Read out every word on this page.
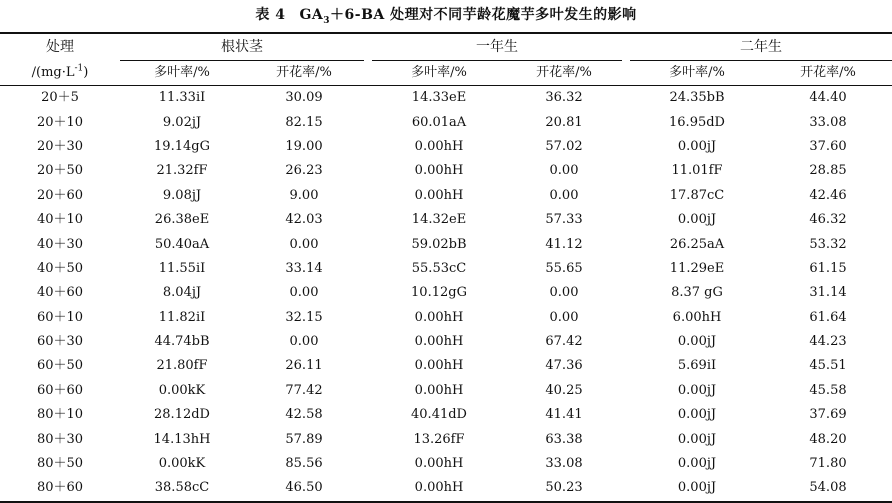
表 4 $GA_3+6-BA$ 处理对不同芋龄花魔芋多叶发生的影响
处理	根状茎			一年生			二年生	
$/(mg\cdot L^{-1})$	多叶率/%	开花率/%		多叶率/%	开花率/%		多叶率/%	开花率/%
20＋5	11.33iI	30.09		14.33eE	36.32		24.35bB	44.40
20＋10	9.02jJ	82.15		60.01aA	20.81		16.95dD	33.08
20＋30	19.14gG	19.00		0.00hH	57.02		0.00jJ	37.60
20＋50	21.32fF	26.23		0.00hH	0.00		11.01fF	28.85
20＋60	9.08jJ	9.00		0.00hH	0.00		17.87cC	42.46
40＋10	26.38eE	42.03		14.32eE	57.33		0.00jJ	46.32
40＋30	50.40aA	0.00		59.02bB	41.12		26.25aA	53.32
40＋50	11.55iI	33.14		55.53cC	55.65		11.29eE	61.15
40＋60	8.04jJ	0.00		10.12gG	0.00		8.37 gG	31.14
60＋10	11.82iI	32.15		0.00hH	0.00		6.00hH	61.64
60＋30	44.74bB	0.00		0.00hH	67.42		0.00jJ	44.23
60＋50	21.80fF	26.11		0.00hH	47.36		5.69iI	45.51
60＋60	0.00kK	77.42		0.00hH	40.25		0.00jJ	45.58
80＋10	28.12dD	42.58		40.41dD	41.41		0.00jJ	37.69
80＋30	14.13hH	57.89		13.26fF	63.38		0.00jJ	48.20
80＋50	0.00kK	85.56		0.00hH	33.08		0.00jJ	71.80
80＋60	38.58cC	46.50		0.00hH	50.23		0.00jJ	54.08
